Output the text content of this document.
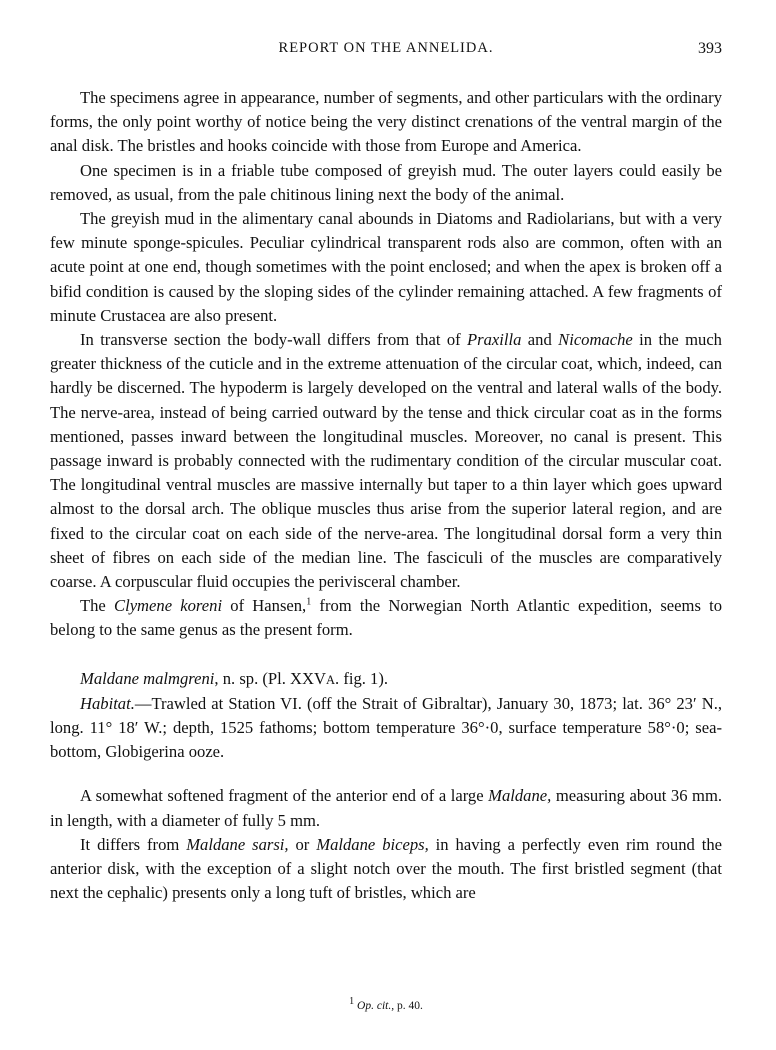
REPORT ON THE ANNELIDA.	393

The specimens agree in appearance, number of segments, and other particulars with the ordinary forms, the only point worthy of notice being the very distinct crenations of the ventral margin of the anal disk. The bristles and hooks coincide with those from Europe and America.

One specimen is in a friable tube composed of greyish mud. The outer layers could easily be removed, as usual, from the pale chitinous lining next the body of the animal.

The greyish mud in the alimentary canal abounds in Diatoms and Radiolarians, but with a very few minute sponge-spicules. Peculiar cylindrical transparent rods also are common, often with an acute point at one end, though sometimes with the point enclosed; and when the apex is broken off a bifid condition is caused by the sloping sides of the cylinder remaining attached. A few fragments of minute Crustacea are also present.

In transverse section the body-wall differs from that of Praxilla and Nicomache in the much greater thickness of the cuticle and in the extreme attenuation of the circular coat, which, indeed, can hardly be discerned. The hypoderm is largely developed on the ventral and lateral walls of the body. The nerve-area, instead of being carried outward by the tense and thick circular coat as in the forms mentioned, passes inward between the longitudinal muscles. Moreover, no canal is present. This passage inward is probably connected with the rudimentary condition of the circular muscular coat. The longitudinal ventral muscles are massive internally but taper to a thin layer which goes upward almost to the dorsal arch. The oblique muscles thus arise from the superior lateral region, and are fixed to the circular coat on each side of the nerve-area. The longitudinal dorsal form a very thin sheet of fibres on each side of the median line. The fasciculi of the muscles are comparatively coarse. A corpuscular fluid occupies the perivisceral chamber.

The Clymene koreni of Hansen,$^1$ from the Norwegian North Atlantic expedition, seems to belong to the same genus as the present form.

Maldane malmgreni, n. sp. (Pl. XXVA. fig. 1).

Habitat.—Trawled at Station VI. (off the Strait of Gibraltar), January 30, 1873; lat. 36° 23′ N., long. 11° 18′ W.; depth, 1525 fathoms; bottom temperature 36°·0, surface temperature 58°·0; sea-bottom, Globigerina ooze.

A somewhat softened fragment of the anterior end of a large Maldane, measuring about 36 mm. in length, with a diameter of fully 5 mm.

It differs from Maldane sarsi, or Maldane biceps, in having a perfectly even rim round the anterior disk, with the exception of a slight notch over the mouth. The first bristled segment (that next the cephalic) presents only a long tuft of bristles, which are

$^1$ Op. cit., p. 40.
